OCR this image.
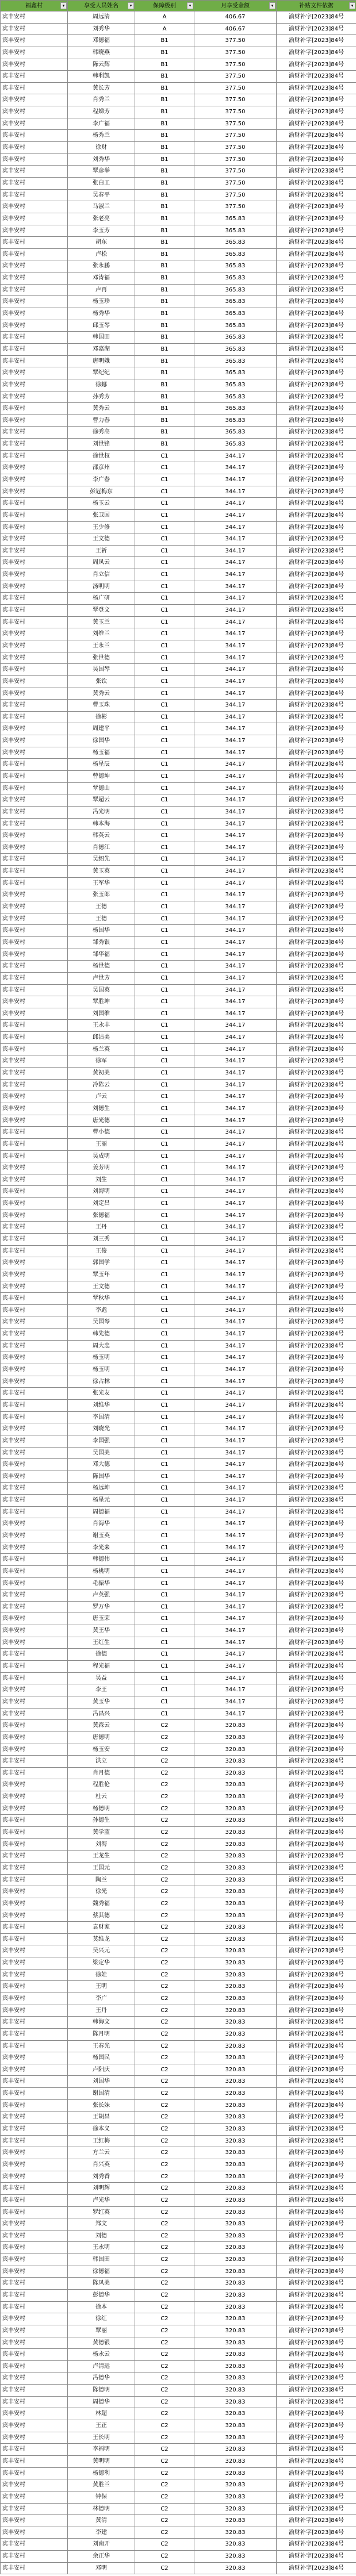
福鑫村 ▾	享受人员姓名 ▾	保障级别 ▾	月享受金额 ▾	补贴文件依据 ▾

宾丰安村	周远清	A	406.67	渝财补字[2023]84号
宾丰安村	刘秀华	A	406.67	渝财补字[2023]84号
宾丰安村	邓德福	B1	377.50	渝财补字[2023]84号
宾丰安村	韩晓燕	B1	377.50	渝财补字[2023]84号
宾丰安村	陈云辉	B1	377.50	渝财补字[2023]84号
宾丰安村	韩利凯	B1	377.50	渝财补字[2023]84号
宾丰安村	黄长芳	B1	377.50	渝财补字[2023]84号
宾丰安村	肖秀兰	B1	377.50	渝财补字[2023]84号
宾丰安村	程娣芳	B1	377.50	渝财补字[2023]84号
宾丰安村	李广福	B1	377.50	渝财补字[2023]84号
宾丰安村	杨秀兰	B1	377.50	渝财补字[2023]84号
宾丰安村	徐财	B1	377.50	渝财补字[2023]84号
宾丰安村	刘秀华	B1	377.50	渝财补字[2023]84号
宾丰安村	覃彦举	B1	377.50	渝财补字[2023]84号
宾丰安村	张白工	B1	377.50	渝财补字[2023]84号
宾丰安村	吴春平	B1	377.50	渝财补字[2023]84号
宾丰安村	马淑兰	B1	377.50	渝财补字[2023]84号
宾丰安村	张老亮	B1	365.83	渝财补字[2023]84号
宾丰安村	李玉芳	B1	365.83	渝财补字[2023]84号
宾丰安村	胡东	B1	365.83	渝财补字[2023]84号
宾丰安村	卢松	B1	365.83	渝财补字[2023]84号
宾丰安村	张永鹏	B1	365.83	渝财补字[2023]84号
宾丰安村	邓涛福	B1	365.83	渝财补字[2023]84号
宾丰安村	卢再	B1	365.83	渝财补字[2023]84号
宾丰安村	杨玉珍	B1	365.83	渝财补字[2023]84号
宾丰安村	杨秀华	B1	365.83	渝财补字[2023]84号
宾丰安村	邱玉琴	B1	365.83	渝财补字[2023]84号
宾丰安村	韩国田	B1	365.83	渝财补字[2023]84号
宾丰安村	邓嘉湖	B1	365.83	渝财补字[2023]84号
宾丰安村	唐明娥	B1	365.83	渝财补字[2023]84号
宾丰安村	覃纪纪	B1	365.83	渝财补字[2023]84号
宾丰安村	徐娜	B1	365.83	渝财补字[2023]84号
宾丰安村	孙秀芳	B1	365.83	渝财补字[2023]84号
宾丰安村	黄秀云	B1	365.83	渝财补字[2023]84号
宾丰安村	曹力春	B1	365.83	渝财补字[2023]84号
宾丰安村	徐秀高	B1	365.83	渝财补字[2023]84号
宾丰安村	刘世锋	B1	365.83	渝财补字[2023]84号
宾丰安村	徐世权	C1	344.17	渝财补字[2023]84号
宾丰安村	邵彦州	C1	344.17	渝财补字[2023]84号
宾丰安村	李广春	C1	344.17	渝财补字[2023]84号
宾丰安村	彭冠梅东	C1	344.17	渝财补字[2023]84号
宾丰安村	杨玉云	C1	344.17	渝财补字[2023]84号
宾丰安村	张卫国	C1	344.17	渝财补字[2023]84号
宾丰安村	王少修	C1	344.17	渝财补字[2023]84号
宾丰安村	王文德	C1	344.17	渝财补字[2023]84号
宾丰安村	王祈	C1	344.17	渝财补字[2023]84号
宾丰安村	周凤云	C1	344.17	渝财补字[2023]84号
宾丰安村	肖立信	C1	344.17	渝财补字[2023]84号
宾丰安村	汤明明	C1	344.17	渝财补字[2023]84号
宾丰安村	杨广研	C1	344.17	渝财补字[2023]84号
宾丰安村	覃登文	C1	344.17	渝财补字[2023]84号
宾丰安村	黄玉兰	C1	344.17	渝财补字[2023]84号
宾丰安村	刘维兰	C1	344.17	渝财补字[2023]84号
宾丰安村	王永兰	C1	344.17	渝财补字[2023]84号
宾丰安村	张世德	C1	344.17	渝财补字[2023]84号
宾丰安村	吴国琴	C1	344.17	渝财补字[2023]84号
宾丰安村	张钦	C1	344.17	渝财补字[2023]84号
宾丰安村	黄秀云	C1	344.17	渝财补字[2023]84号
宾丰安村	曹玉珠	C1	344.17	渝财补字[2023]84号
宾丰安村	徐彬	C1	344.17	渝财补字[2023]84号
宾丰安村	周建平	C1	344.17	渝财补字[2023]84号
宾丰安村	徐国华	C1	344.17	渝财补字[2023]84号
宾丰安村	杨玉福	C1	344.17	渝财补字[2023]84号
宾丰安村	杨星辰	C1	344.17	渝财补字[2023]84号
宾丰安村	曾德坤	C1	344.17	渝财补字[2023]84号
宾丰安村	覃德山	C1	344.17	渝财补字[2023]84号
宾丰安村	覃超云	C1	344.17	渝财补字[2023]84号
宾丰安村	冯光明	C1	344.17	渝财补字[2023]84号
宾丰安村	韩本海	C1	344.17	渝财补字[2023]84号
宾丰安村	韩英云	C1	344.17	渝财补字[2023]84号
宾丰安村	肖德江	C1	344.17	渝财补字[2023]84号
宾丰安村	吴绍先	C1	344.17	渝财补字[2023]84号
宾丰安村	黄玉英	C1	344.17	渝财补字[2023]84号
宾丰安村	王军华	C1	344.17	渝财补字[2023]84号
宾丰安村	张玉郎	C1	344.17	渝财补字[2023]84号
宾丰安村	王德	C1	344.17	渝财补字[2023]84号
宾丰安村	王德	C1	344.17	渝财补字[2023]84号
宾丰安村	杨国华	C1	344.17	渝财补字[2023]84号
宾丰安村	邹秀银	C1	344.17	渝财补字[2023]84号
宾丰安村	邹华福	C1	344.17	渝财补字[2023]84号
宾丰安村	杨世德	C1	344.17	渝财补字[2023]84号
宾丰安村	卢世芳	C1	344.17	渝财补字[2023]84号
宾丰安村	吴国英	C1	344.17	渝财补字[2023]84号
宾丰安村	覃胜坤	C1	344.17	渝财补字[2023]84号
宾丰安村	刘国维	C1	344.17	渝财补字[2023]84号
宾丰安村	王永丰	C1	344.17	渝财补字[2023]84号
宾丰安村	邱洁美	C1	344.17	渝财补字[2023]84号
宾丰安村	杨兰英	C1	344.17	渝财补字[2023]84号
宾丰安村	徐军	C1	344.17	渝财补字[2023]84号
宾丰安村	黄初美	C1	344.17	渝财补字[2023]84号
宾丰安村	冷陈云	C1	344.17	渝财补字[2023]84号
宾丰安村	卢云	C1	344.17	渝财补字[2023]84号
宾丰安村	刘德生	C1	344.17	渝财补字[2023]84号
宾丰安村	唐光德	C1	344.17	渝财补字[2023]84号
宾丰安村	曹小德	C1	344.17	渝财补字[2023]84号
宾丰安村	王丽	C1	344.17	渝财补字[2023]84号
宾丰安村	吴成明	C1	344.17	渝财补字[2023]84号
宾丰安村	姜芳明	C1	344.17	渝财补字[2023]84号
宾丰安村	刘生	C1	344.17	渝财补字[2023]84号
宾丰安村	刘海明	C1	344.17	渝财补字[2023]84号
宾丰安村	刘定昌	C1	344.17	渝财补字[2023]84号
宾丰安村	张德福	C1	344.17	渝财补字[2023]84号
宾丰安村	王丹	C1	344.17	渝财补字[2023]84号
宾丰安村	刘三秀	C1	344.17	渝财补字[2023]84号
宾丰安村	王俊	C1	344.17	渝财补字[2023]84号
宾丰安村	郭国学	C1	344.17	渝财补字[2023]84号
宾丰安村	覃玉年	C1	344.17	渝财补字[2023]84号
宾丰安村	王文德	C1	344.17	渝财补字[2023]84号
宾丰安村	覃秋华	C1	344.17	渝财补字[2023]84号
宾丰安村	李彪	C1	344.17	渝财补字[2023]84号
宾丰安村	吴国琴	C1	344.17	渝财补字[2023]84号
宾丰安村	韩先德	C1	344.17	渝财补字[2023]84号
宾丰安村	周大忠	C1	344.17	渝财补字[2023]84号
宾丰安村	杨玉明	C1	344.17	渝财补字[2023]84号
宾丰安村	杨玉明	C1	344.17	渝财补字[2023]84号
宾丰安村	徐占林	C1	344.17	渝财补字[2023]84号
宾丰安村	张光友	C1	344.17	渝财补字[2023]84号
宾丰安村	刘维华	C1	344.17	渝财补字[2023]84号
宾丰安村	李国清	C1	344.17	渝财补字[2023]84号
宾丰安村	刘晓光	C1	344.17	渝财补字[2023]84号
宾丰安村	李国强	C1	344.17	渝财补字[2023]84号
宾丰安村	吴国美	C1	344.17	渝财补字[2023]84号
宾丰安村	邓大德	C1	344.17	渝财补字[2023]84号
宾丰安村	陈国华	C1	344.17	渝财补字[2023]84号
宾丰安村	杨远坤	C1	344.17	渝财补字[2023]84号
宾丰安村	杨星元	C1	344.17	渝财补字[2023]84号
宾丰安村	周德福	C1	344.17	渝财补字[2023]84号
宾丰安村	肖海华	C1	344.17	渝财补字[2023]84号
宾丰安村	谢玉英	C1	344.17	渝财补字[2023]84号
宾丰安村	李光来	C1	344.17	渝财补字[2023]84号
宾丰安村	韩德伟	C1	344.17	渝财补字[2023]84号
宾丰安村	杨桃明	C1	344.17	渝财补字[2023]84号
宾丰安村	毛振华	C1	344.17	渝财补字[2023]84号
宾丰安村	卢英强	C1	344.17	渝财补字[2023]84号
宾丰安村	罗万华	C1	344.17	渝财补字[2023]84号
宾丰安村	唐玉荣	C1	344.17	渝财补字[2023]84号
宾丰安村	黄王华	C1	344.17	渝财补字[2023]84号
宾丰安村	王红生	C1	344.17	渝财补字[2023]84号
宾丰安村	徐德	C1	344.17	渝财补字[2023]84号
宾丰安村	程光福	C1	344.17	渝财补字[2023]84号
宾丰安村	吴益	C1	344.17	渝财补字[2023]84号
宾丰安村	李王	C1	344.17	渝财补字[2023]84号
宾丰安村	黄玉华	C1	344.17	渝财补字[2023]84号
宾丰安村	冯昌兴	C1	344.17	渝财补字[2023]84号
宾丰安村	黄森云	C2	320.83	渝财补字[2023]84号
宾丰安村	唐德明	C2	320.83	渝财补字[2023]84号
宾丰安村	杨玉安	C2	320.83	渝财补字[2023]84号
宾丰安村	洪立	C2	320.83	渝财补字[2023]84号
宾丰安村	肖月德	C2	320.83	渝财补字[2023]84号
宾丰安村	程胜伦	C2	320.83	渝财补字[2023]84号
宾丰安村	杜云	C2	320.83	渝财补字[2023]84号
宾丰安村	杨德明	C2	320.83	渝财补字[2023]84号
宾丰安村	孙德生	C2	320.83	渝财补字[2023]84号
宾丰安村	黄学蓝	C2	320.83	渝财补字[2023]84号
宾丰安村	刘海	C2	320.83	渝财补字[2023]84号
宾丰安村	王龙生	C2	320.83	渝财补字[2023]84号
宾丰安村	王国元	C2	320.83	渝财补字[2023]84号
宾丰安村	陶兰	C2	320.83	渝财补字[2023]84号
宾丰安村	徐光	C2	320.83	渝财补字[2023]84号
宾丰安村	魏秀福	C2	320.83	渝财补字[2023]84号
宾丰安村	蔡其德	C2	320.83	渝财补字[2023]84号
宾丰安村	袁财家	C2	320.83	渝财补字[2023]84号
宾丰安村	莫维龙	C2	320.83	渝财补字[2023]84号
宾丰安村	吴兴元	C2	320.83	渝财补字[2023]84号
宾丰安村	梁定华	C2	320.83	渝财补字[2023]84号
宾丰安村	徐娃	C2	320.83	渝财补字[2023]84号
宾丰安村	王明	C2	320.83	渝财补字[2023]84号
宾丰安村	李广	C2	320.83	渝财补字[2023]84号
宾丰安村	王丹	C2	320.83	渝财补字[2023]84号
宾丰安村	韩海文	C2	320.83	渝财补字[2023]84号
宾丰安村	陈月明	C2	320.83	渝财补字[2023]84号
宾丰安村	王春光	C2	320.83	渝财补字[2023]84号
宾丰安村	杨国民	C2	320.83	渝财补字[2023]84号
宾丰安村	卢阳庆	C2	320.83	渝财补字[2023]84号
宾丰安村	刘国华	C2	320.83	渝财补字[2023]84号
宾丰安村	谢国清	C2	320.83	渝财补字[2023]84号
宾丰安村	张长妹	C2	320.83	渝财补字[2023]84号
宾丰安村	王胡昌	C2	320.83	渝财补字[2023]84号
宾丰安村	徐本义	C2	320.83	渝财补字[2023]84号
宾丰安村	王红梅	C2	320.83	渝财补字[2023]84号
宾丰安村	方兰云	C2	320.83	渝财补字[2023]84号
宾丰安村	肖兴英	C2	320.83	渝财补字[2023]84号
宾丰安村	刘秀香	C2	320.83	渝财补字[2023]84号
宾丰安村	刘明辉	C2	320.83	渝财补字[2023]84号
宾丰安村	卢光华	C2	320.83	渝财补字[2023]84号
宾丰安村	罗红英	C2	320.83	渝财补字[2023]84号
宾丰安村	郑文	C2	320.83	渝财补字[2023]84号
宾丰安村	刘德	C2	320.83	渝财补字[2023]84号
宾丰安村	王永明	C2	320.83	渝财补字[2023]84号
宾丰安村	韩国田	C2	320.83	渝财补字[2023]84号
宾丰安村	徐德福	C2	320.83	渝财补字[2023]84号
宾丰安村	陈凤美	C2	320.83	渝财补字[2023]84号
宾丰安村	彭德华	C2	320.83	渝财补字[2023]84号
宾丰安村	徐本	C2	320.83	渝财补字[2023]84号
宾丰安村	徐红	C2	320.83	渝财补字[2023]84号
宾丰安村	覃丽	C2	320.83	渝财补字[2023]84号
宾丰安村	黄德银	C2	320.83	渝财补字[2023]84号
宾丰安村	杨永云	C2	320.83	渝财补字[2023]84号
宾丰安村	卢清远	C2	320.83	渝财补字[2023]84号
宾丰安村	冯德华	C2	320.83	渝财补字[2023]84号
宾丰安村	陈德明	C2	320.83	渝财补字[2023]84号
宾丰安村	周德华	C2	320.83	渝财补字[2023]84号
宾丰安村	林超	C2	320.83	渝财补字[2023]84号
宾丰安村	王正	C2	320.83	渝财补字[2023]84号
宾丰安村	王长明	C2	320.83	渝财补字[2023]84号
宾丰安村	李福明	C2	320.83	渝财补字[2023]84号
宾丰安村	黄明明	C2	320.83	渝财补字[2023]84号
宾丰安村	杨德利	C2	320.83	渝财补字[2023]84号
宾丰安村	黄胜兰	C2	320.83	渝财补字[2023]84号
宾丰安村	钟保	C2	320.83	渝财补字[2023]84号
宾丰安村	林德明	C2	320.83	渝财补字[2023]84号
宾丰安村	黄清	C2	320.83	渝财补字[2023]84号
宾丰安村	李建	C2	320.83	渝财补字[2023]84号
宾丰安村	刘南开	C2	320.83	渝财补字[2023]84号
宾丰安村	余正华	C2	320.83	渝财补字[2023]84号
宾丰安村	邓明	C2	320.83	渝财补字[2023]84号
